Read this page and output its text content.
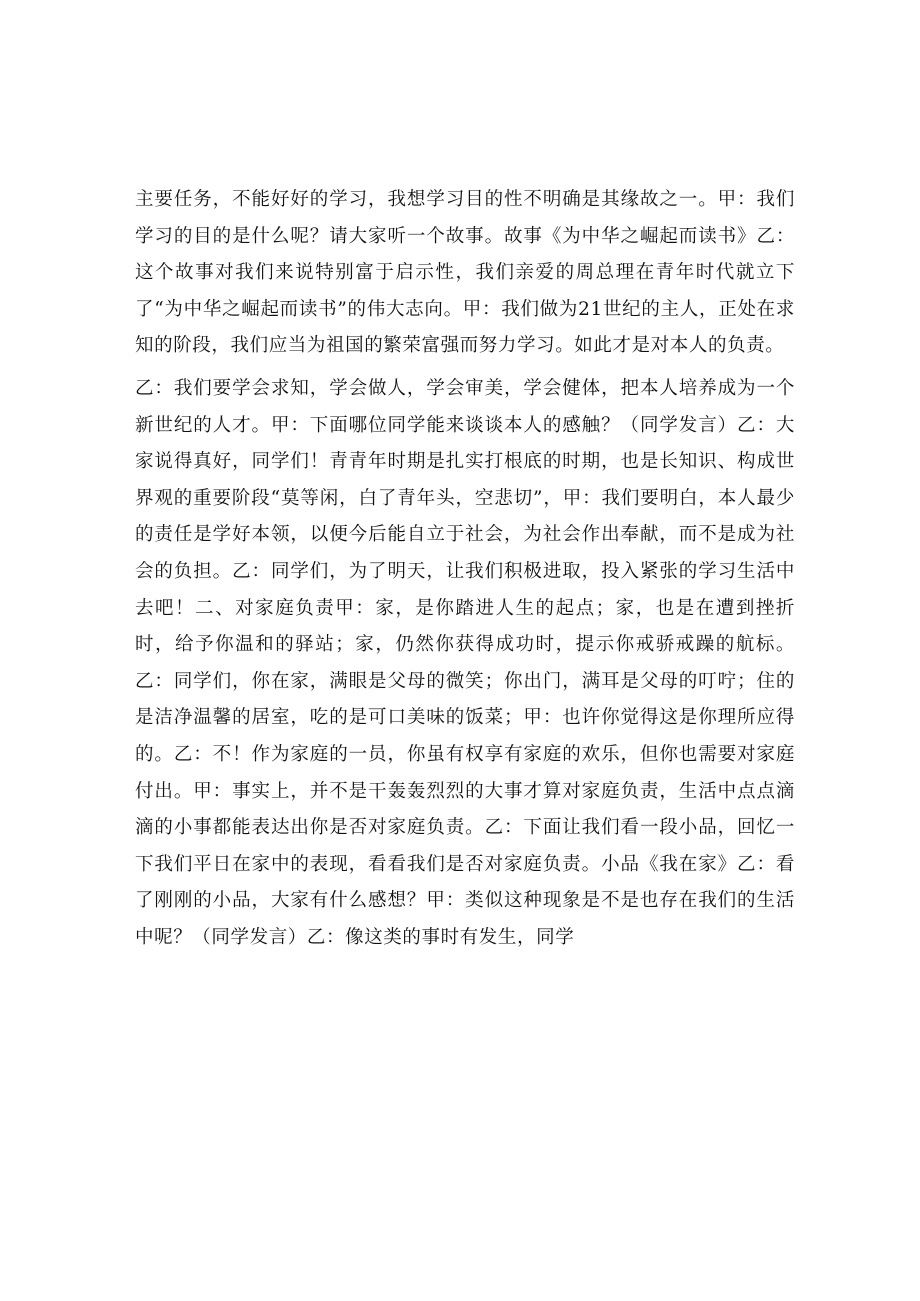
主要任务，不能好好的学习，我想学习目的性不明确是其缘故之一。甲：我们学习的目的是什么呢？请大家听一个故事。故事《为中华之崛起而读书》乙：这个故事对我们来说特别富于启示性，我们亲爱的周总理在青年时代就立下了“为中华之崛起而读书”的伟大志向。甲：我们做为21世纪的主人，正处在求知的阶段，我们应当为祖国的繁荣富强而努力学习。如此才是对本人的负责。

乙：我们要学会求知，学会做人，学会审美，学会健体，把本人培养成为一个新世纪的人才。甲：下面哪位同学能来谈谈本人的感触？（同学发言）乙：大家说得真好，同学们！青青年时期是扎实打根底的时期，也是长知识、构成世界观的重要阶段“莫等闲，白了青年头，空悲切”，甲：我们要明白，本人最少的责任是学好本领，以便今后能自立于社会，为社会作出奉献，而不是成为社会的负担。乙：同学们，为了明天，让我们积极进取，投入紧张的学习生活中去吧！二、对家庭负责甲：家，是你踏进人生的起点；家，也是在遭到挫折时，给予你温和的驿站；家，仍然你获得成功时，提示你戒骄戒躁的航标。乙：同学们，你在家，满眼是父母的微笑；你出门，满耳是父母的叮咛；住的是洁净温馨的居室，吃的是可口美味的饭菜；甲：也许你觉得这是你理所应得的。乙：不！作为家庭的一员，你虽有权享有家庭的欢乐，但你也需要对家庭付出。甲：事实上，并不是干轰轰烈烈的大事才算对家庭负责，生活中点点滴滴的小事都能表达出你是否对家庭负责。乙：下面让我们看一段小品，回忆一下我们平日在家中的表现，看看我们是否对家庭负责。小品《我在家》乙：看了刚刚的小品，大家有什么感想？甲：类似这种现象是不是也存在我们的生活中呢？（同学发言）乙：像这类的事时有发生，同学
